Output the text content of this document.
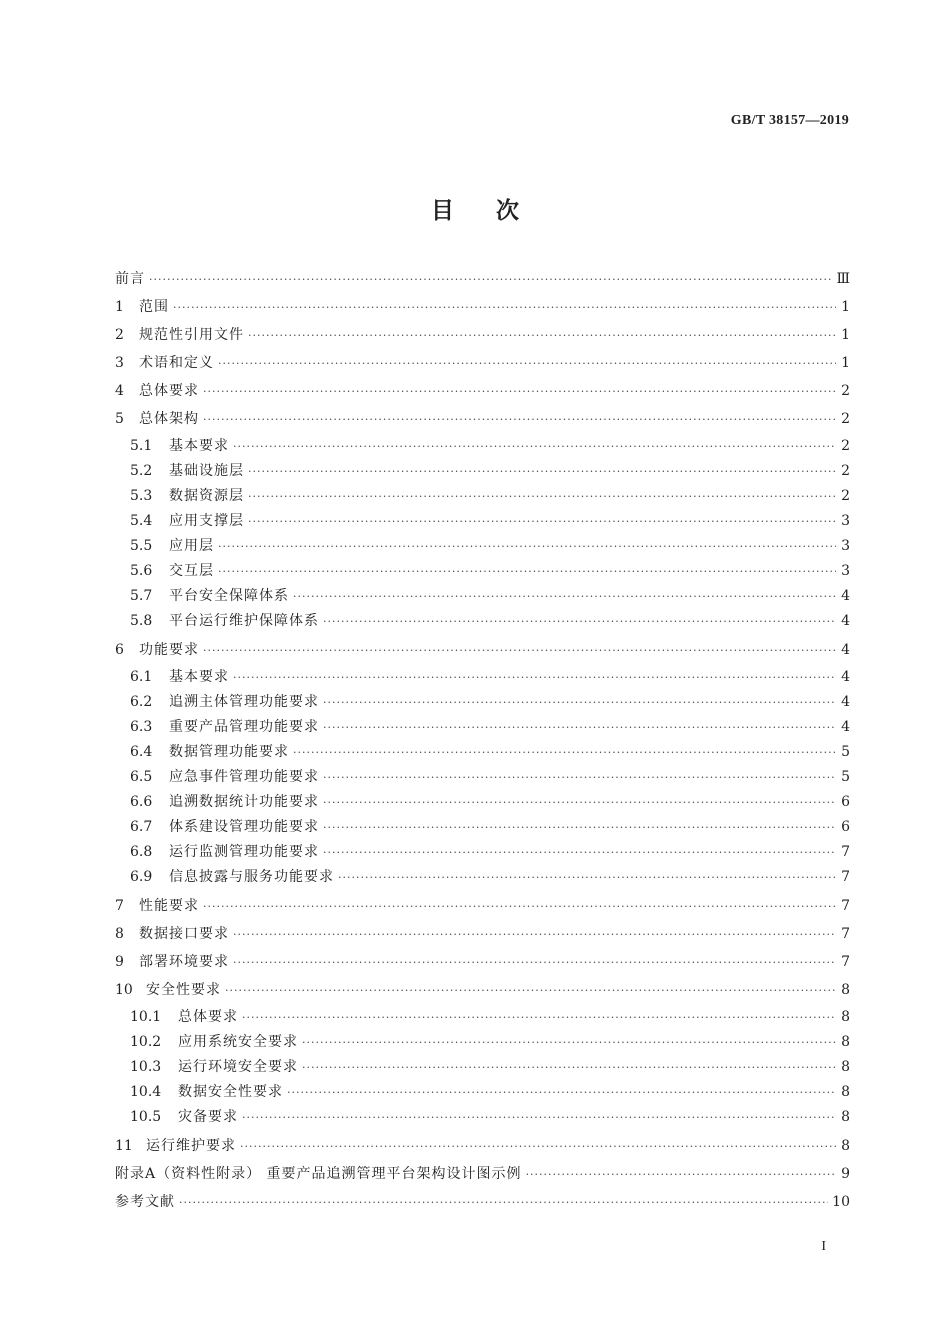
GB/T 38157—2019
目次
前言 ·····	Ⅲ
1	范围 ·····	1
2	规范性引用文件 ·····	1
3	术语和定义 ·····	1
4	总体要求 ·····	2
5	总体架构 ·····	2
5.1	基本要求 ·····	2
5.2	基础设施层 ·····	2
5.3	数据资源层 ·····	2
5.4	应用支撑层 ·····	3
5.5	应用层 ·····	3
5.6	交互层 ·····	3
5.7	平台安全保障体系 ·····	4
5.8	平台运行维护保障体系 ·····	4
6	功能要求 ·····	4
6.1	基本要求 ·····	4
6.2	追溯主体管理功能要求 ·····	4
6.3	重要产品管理功能要求 ·····	4
6.4	数据管理功能要求 ·····	5
6.5	应急事件管理功能要求 ·····	5
6.6	追溯数据统计功能要求 ·····	6
6.7	体系建设管理功能要求 ·····	6
6.8	运行监测管理功能要求 ·····	7
6.9	信息披露与服务功能要求 ·····	7
7	性能要求 ·····	7
8	数据接口要求 ·····	7
9	部署环境要求 ·····	7
10 安全性要求 ·····	8
10.1	总体要求 ·····	8
10.2	应用系统安全要求 ·····	8
10.3	运行环境安全要求 ·····	8
10.4	数据安全性要求 ·····	8
10.5	灾备要求 ·····	8
11 运行维护要求 ·····	8
附录A（资料性附录） 重要产品追溯管理平台架构设计图示例 ·····	9
参考文献 ·····	10
I
